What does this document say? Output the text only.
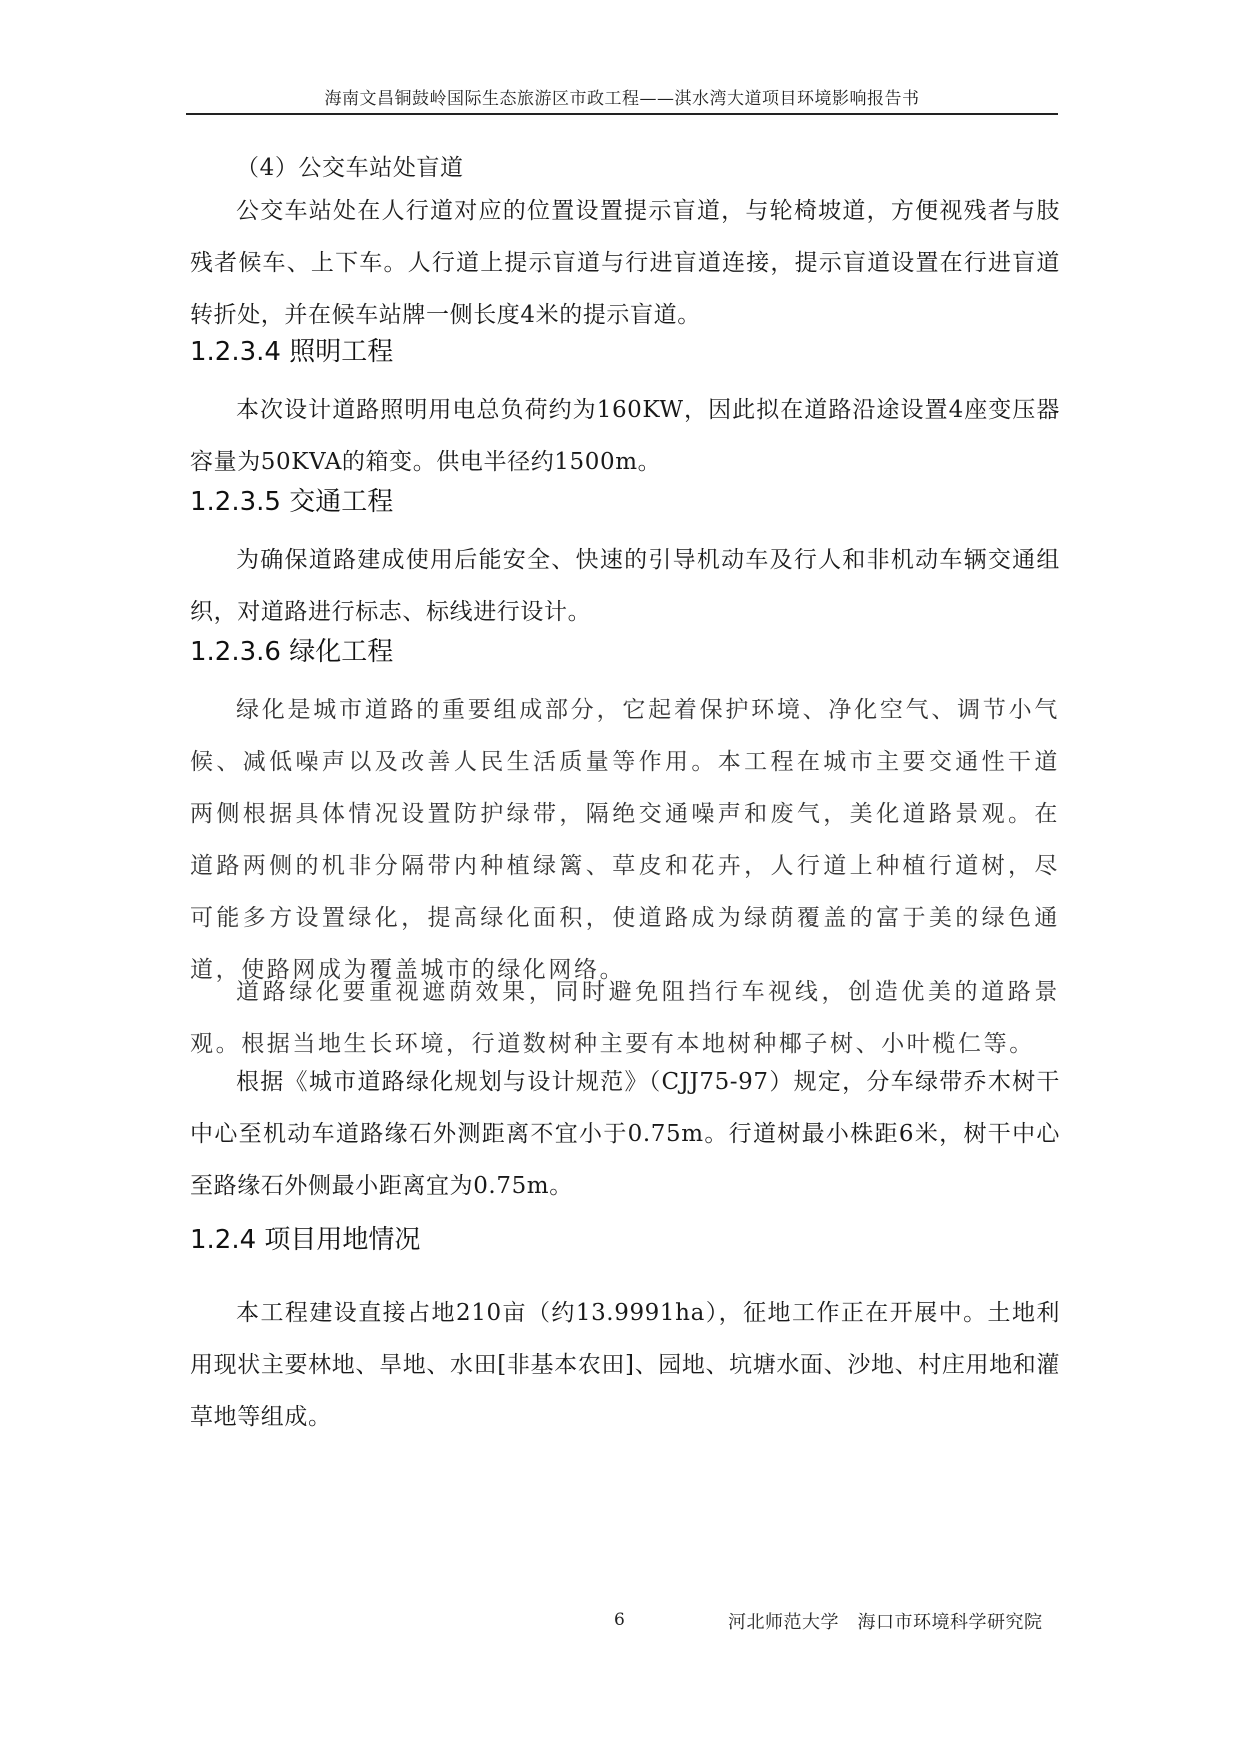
海南文昌铜鼓岭国际生态旅游区市政工程——淇水湾大道项目环境影响报告书

（4）公交车站处盲道

公交车站处在人行道对应的位置设置提示盲道，与轮椅坡道，方便视残者与肢残者候车、上下车。人行道上提示盲道与行进盲道连接，提示盲道设置在行进盲道转折处，并在候车站牌一侧长度4米的提示盲道。

1.2.3.4 照明工程

本次设计道路照明用电总负荷约为160KW，因此拟在道路沿途设置4座变压器容量为50KVA的箱变。供电半径约1500m。

1.2.3.5 交通工程

为确保道路建成使用后能安全、快速的引导机动车及行人和非机动车辆交通组织，对道路进行标志、标线进行设计。

1.2.3.6 绿化工程

绿化是城市道路的重要组成部分，它起着保护环境、净化空气、调节小气候、减低噪声以及改善人民生活质量等作用。本工程在城市主要交通性干道两侧根据具体情况设置防护绿带，隔绝交通噪声和废气，美化道路景观。在道路两侧的机非分隔带内种植绿篱、草皮和花卉，人行道上种植行道树，尽可能多方设置绿化，提高绿化面积，使道路成为绿荫覆盖的富于美的绿色通道，使路网成为覆盖城市的绿化网络。

道路绿化要重视遮荫效果，同时避免阻挡行车视线，创造优美的道路景观。根据当地生长环境，行道数树种主要有本地树种椰子树、小叶榄仁等。

根据《城市道路绿化规划与设计规范》（CJJ75-97）规定，分车绿带乔木树干中心至机动车道路缘石外测距离不宜小于0.75m。行道树最小株距6米，树干中心至路缘石外侧最小距离宜为0.75m。

1.2.4 项目用地情况

本工程建设直接占地210亩（约13.9991ha），征地工作正在开展中。土地利用现状主要林地、旱地、水田[非基本农田]、园地、坑塘水面、沙地、村庄用地和灌草地等组成。

6	河北师范大学　海口市环境科学研究院
